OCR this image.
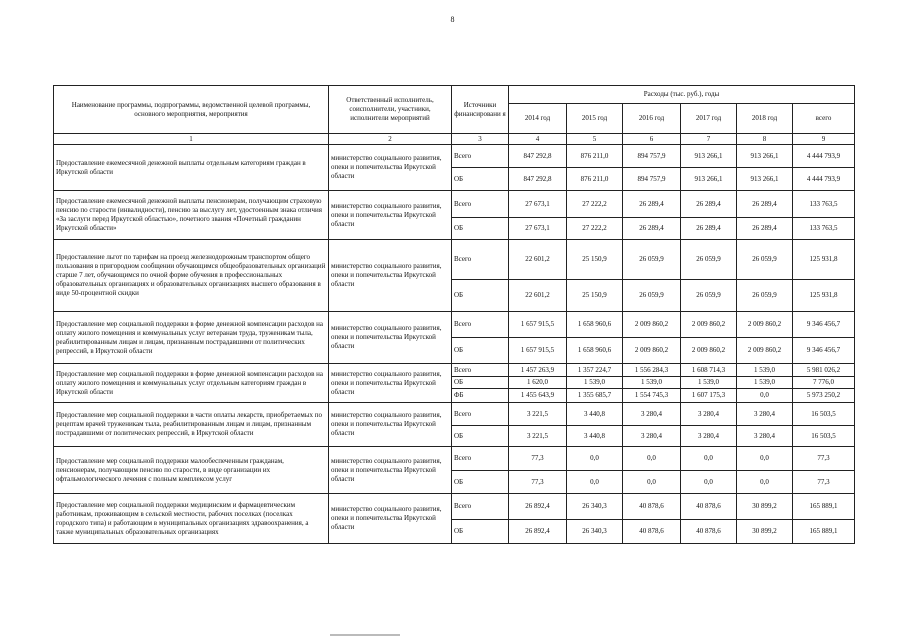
8
Наименование программы, подпрограммы, ведомственной целевой программы, основного мероприятия, мероприятия	Ответственный исполнитель, соисполнители, участники, исполнители мероприятий	Источники финансировани я	Расходы (тыс. руб.), годы					
			2014 год	2015 год	2016 год	2017 год	2018 год	всего
1	2	3	4	5	6	7	8	9
Предоставление ежемесячной денежной выплаты отдельным категориям граждан в Иркутской области	министерство социального развития, опеки и попечительства Иркутской области	Всего	847 292,8	876 211,0	894 757,9	913 266,1	913 266,1	4 444 793,9
		ОБ	847 292,8	876 211,0	894 757,9	913 266,1	913 266,1	4 444 793,9
Предоставление ежемесячной денежной выплаты пенсионерам, получающим страховую пенсию по старости (инвалидности), пенсию за выслугу лет, удостоенным знака отличия «За заслуги перед Иркутской областью», почетного звания «Почетный гражданин Иркутской области»	министерство социального развития, опеки и попечительства Иркутской области	Всего	27 673,1	27 222,2	26 289,4	26 289,4	26 289,4	133 763,5
		ОБ	27 673,1	27 222,2	26 289,4	26 289,4	26 289,4	133 763,5
Предоставление льгот по тарифам на проезд железнодорожным транспортом общего пользования в пригородном сообщении обучающимся общеобразовательных организаций старше 7 лет, обучающимся по очной форме обучения в профессиональных образовательных организациях и образовательных организациях высшего образования в виде 50-процентной скидки	министерство социального развития, опеки и попечительства Иркутской области	Всего	22 601,2	25 150,9	26 059,9	26 059,9	26 059,9	125 931,8
		ОБ	22 601,2	25 150,9	26 059,9	26 059,9	26 059,9	125 931,8
Предоставление мер социальной поддержки в форме денежной компенсации расходов на оплату жилого помещения и коммунальных услуг ветеранам труда, труженикам тыла, реабилитированным лицам и лицам, признанным пострадавшими от политических репрессий, в Иркутской области	министерство социального развития, опеки и попечительства Иркутской области	Всего	1 657 915,5	1 658 960,6	2 009 860,2	2 009 860,2	2 009 860,2	9 346 456,7
		ОБ	1 657 915,5	1 658 960,6	2 009 860,2	2 009 860,2	2 009 860,2	9 346 456,7
Предоставление мер социальной поддержки в форме денежной компенсации расходов на оплату жилого помещения и коммунальных услуг отдельным категориям граждан в Иркутской области	министерство социального развития, опеки и попечительства Иркутской области	Всего	1 457 263,9	1 357 224,7	1 556 284,3	1 608 714,3	1 539,0	5 981 026,2
		ОБ	1 620,0	1 539,0	1 539,0	1 539,0	1 539,0	7 776,0
		ФБ	1 455 643,9	1 355 685,7	1 554 745,3	1 607 175,3	0,0	5 973 250,2
Предоставление мер социальной поддержки в части оплаты лекарств, приобретаемых по рецептам врачей труженикам тыла, реабилитированным лицам и лицам, признанным пострадавшими от политических репрессий, в Иркутской области	министерство социального развития, опеки и попечительства Иркутской области	Всего	3 221,5	3 440,8	3 280,4	3 280,4	3 280,4	16 503,5
		ОБ	3 221,5	3 440,8	3 280,4	3 280,4	3 280,4	16 503,5
Предоставление мер социальной поддержки малообеспеченным гражданам, пенсионерам, получающим пенсию по старости, в виде организации их офтальмологического лечения с полным комплексом услуг	министерство социального развития, опеки и попечительства Иркутской области	Всего	77,3	0,0	0,0	0,0	0,0	77,3
		ОБ	77,3	0,0	0,0	0,0	0,0	77,3
Предоставление мер социальной поддержки медицинским и фармацевтическим работникам, проживающим в сельской местности, рабочих поселках (поселках городского типа) и работающим в муниципальных организациях здравоохранения, а также муниципальных образовательных организациях	министерство социального развития, опеки и попечительства Иркутской области	Всего	26 892,4	26 340,3	40 878,6	40 878,6	30 899,2	165 889,1
		ОБ	26 892,4	26 340,3	40 878,6	40 878,6	30 899,2	165 889,1
